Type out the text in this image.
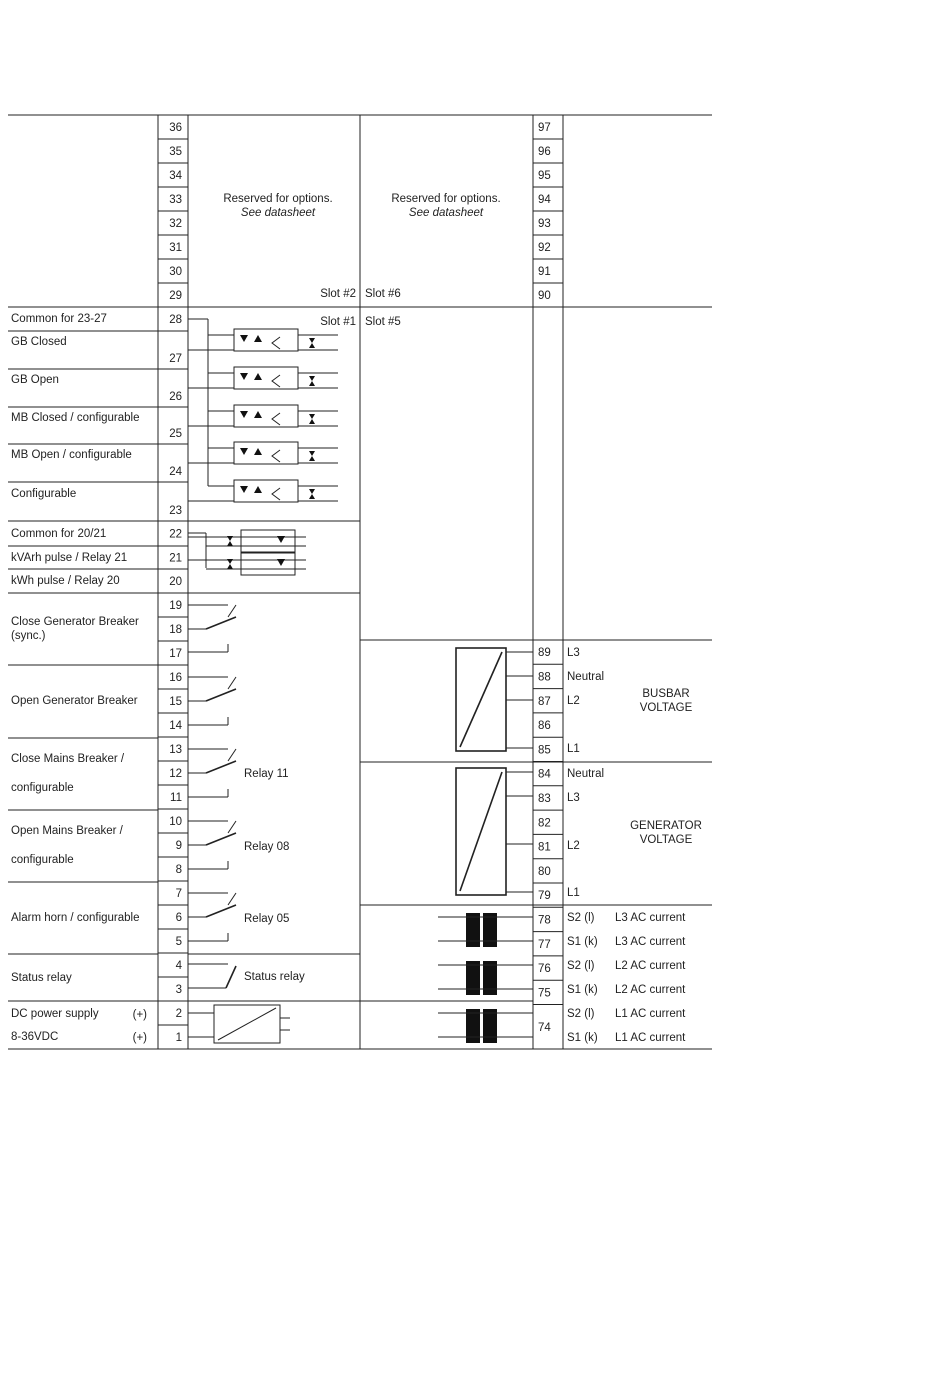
36
35
34
33
32
31
30
29
28
27
26
25
24
23
22
21
20
19
18
17
16
15
14
13
12
11
10
9
8
7
6
5
4
3
2
1
97
96
95
94
93
92
91
90
89
88
87
86
85
84
83
82
81
80
79
78
77
76
75
74
Common for 23-27
GB Closed
GB Open
MB Closed / configurable
MB Open / configurable
Configurable
Common for 20/21
kVArh pulse / Relay 21
kWh pulse / Relay 20
Close Generator Breaker
(sync.)
Open Generator Breaker
Close Mains Breaker /
configurable
Open Mains Breaker /
configurable
Alarm horn / configurable
Status relay
DC power supply
8-36VDC
Reserved for options.
See datasheet
Slot #2
Reserved for options.
See datasheet
Slot #6
Slot #1 Slot #5
(+)
(+)
Relay 11
Relay 08
Relay 05
Status relay
L3
Neutral
L2
L1
BUSBAR
VOLTAGE
Neutral
L3
L2
L1
GENERATOR
VOLTAGE
S2 (l) L3 AC current
S1 (k) L3 AC current
S2 (l) L2 AC current
S1 (k) L2 AC current
S2 (l) L1 AC current
S1 (k) L1 AC current
